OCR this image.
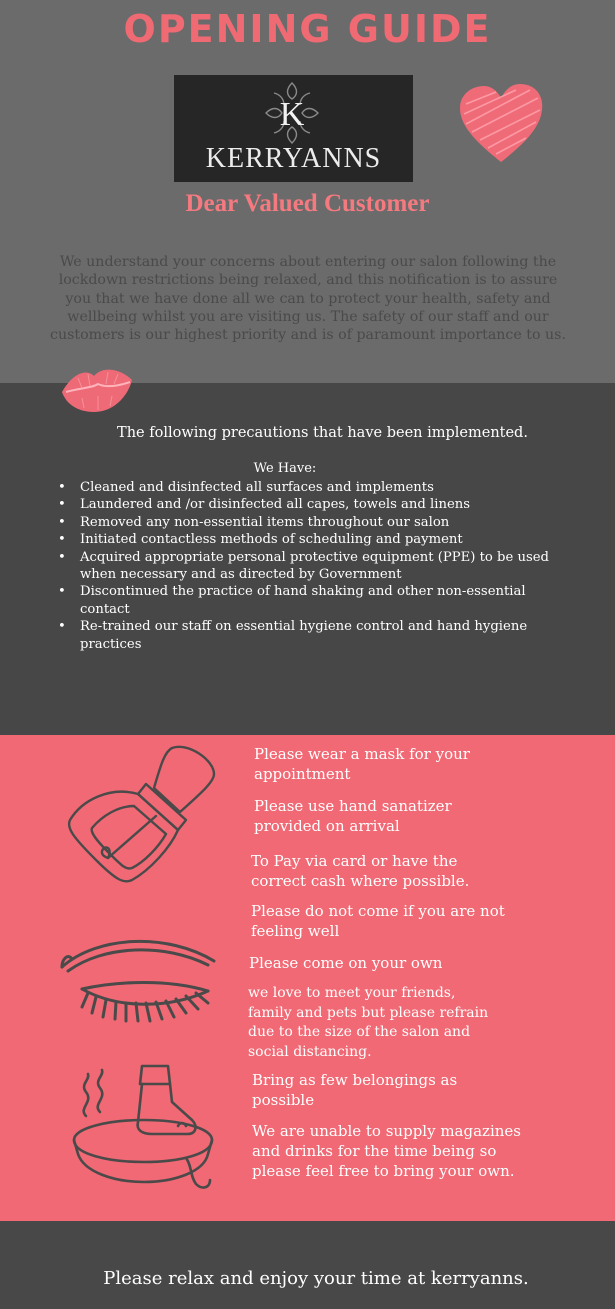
OPENING GUIDE
K
KERRYANNS
Dear Valued Customer

We understand your concerns about entering our salon following the lockdown restrictions being relaxed, and this notification is to assure you that we have done all we can to protect your health, safety and wellbeing whilst you are visiting us. The safety of our staff and our customers is our highest priority and is of paramount importance to us.

The following precautions that have been implemented.

We Have:

• Cleaned and disinfected all surfaces and implements
• Laundered and /or disinfected all capes, towels and linens
• Removed any non-essential items throughout our salon
• Initiated contactless methods of scheduling and payment
• Acquired appropriate personal protective equipment (PPE) to be used when necessary and as directed by Government
• Discontinued the practice of hand shaking and other non-essential contact
• Re-trained our staff on essential hygiene control and hand hygiene practices

Please wear a mask for your appointment

Please use hand sanatizer provided on arrival

To Pay via card or have the correct cash where possible.

Please do not come if you are not feeling well

Please come on your own

we love to meet your friends, family and pets but please refrain due to the size of the salon and social distancing.

Bring as few belongings as possible

We are unable to supply magazines and drinks for the time being so please feel free to bring your own.

Please relax and enjoy your time at kerryanns.
